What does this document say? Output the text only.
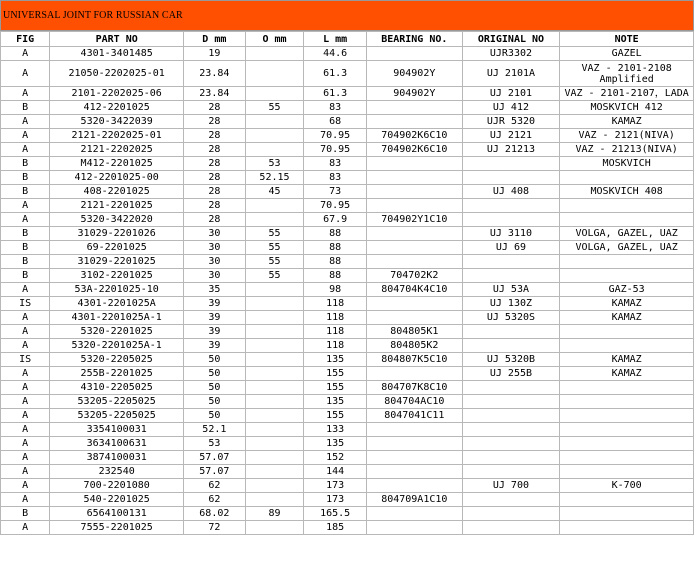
UNIVERSAL JOINT FOR RUSSIAN CAR
FIG	PART NO	D mm	O mm	L mm	BEARING NO.	ORIGINAL NO	NOTE
A	4301-3401485	19		44.6		UJR3302	GAZEL
A	21050-2202025-01	23.84		61.3	904902Y	UJ 2101A	VAZ - 2101-2108 Amplified
A	2101-2202025-06	23.84		61.3	904902Y	UJ 2101	VAZ - 2101-2107，LADA
B	412-2201025	28	55	83		UJ 412	MOSKVICH 412
A	5320-3422039	28		68		UJR 5320	KAMAZ
A	2121-2202025-01	28		70.95	704902K6C10	UJ 2121	VAZ - 2121(NIVA)
A	2121-2202025	28		70.95	704902K6C10	UJ 21213	VAZ - 21213(NIVA)
B	M412-2201025	28	53	83			MOSKVICH
B	412-2201025-00	28	52.15	83			
B	408-2201025	28	45	73		UJ 408	MOSKVICH 408
A	2121-2201025	28		70.95			
A	5320-3422020	28		67.9	704902Y1C10		
B	31029-2201026	30	55	88		UJ 3110	VOLGA, GAZEL, UAZ
B	69-2201025	30	55	88		UJ 69	VOLGA, GAZEL, UAZ
B	31029-2201025	30	55	88			
B	3102-2201025	30	55	88	704702K2		
A	53A-2201025-10	35		98	804704K4C10	UJ 53A	GAZ-53
IS	4301-2201025A	39		118		UJ 130Z	KAMAZ
A	4301-2201025A-1	39		118		UJ 5320S	KAMAZ
A	5320-2201025	39		118	804805K1		
A	5320-2201025A-1	39		118	804805K2		
IS	5320-2205025	50		135	804807K5C10	UJ 5320B	KAMAZ
A	255B-2201025	50		155		UJ 255B	KAMAZ
A	4310-2205025	50		155	804707K8C10		
A	53205-2205025	50		135	804704AC10		
A	53205-2205025	50		155	8047041C11		
A	3354100031	52.1		133			
A	3634100631	53		135			
A	3874100031	57.07		152			
A	232540	57.07		144			
A	700-2201080	62		173		UJ 700	K-700
A	540-2201025	62		173	804709A1C10		
B	6564100131	68.02	89	165.5			
A	7555-2201025	72		185			
